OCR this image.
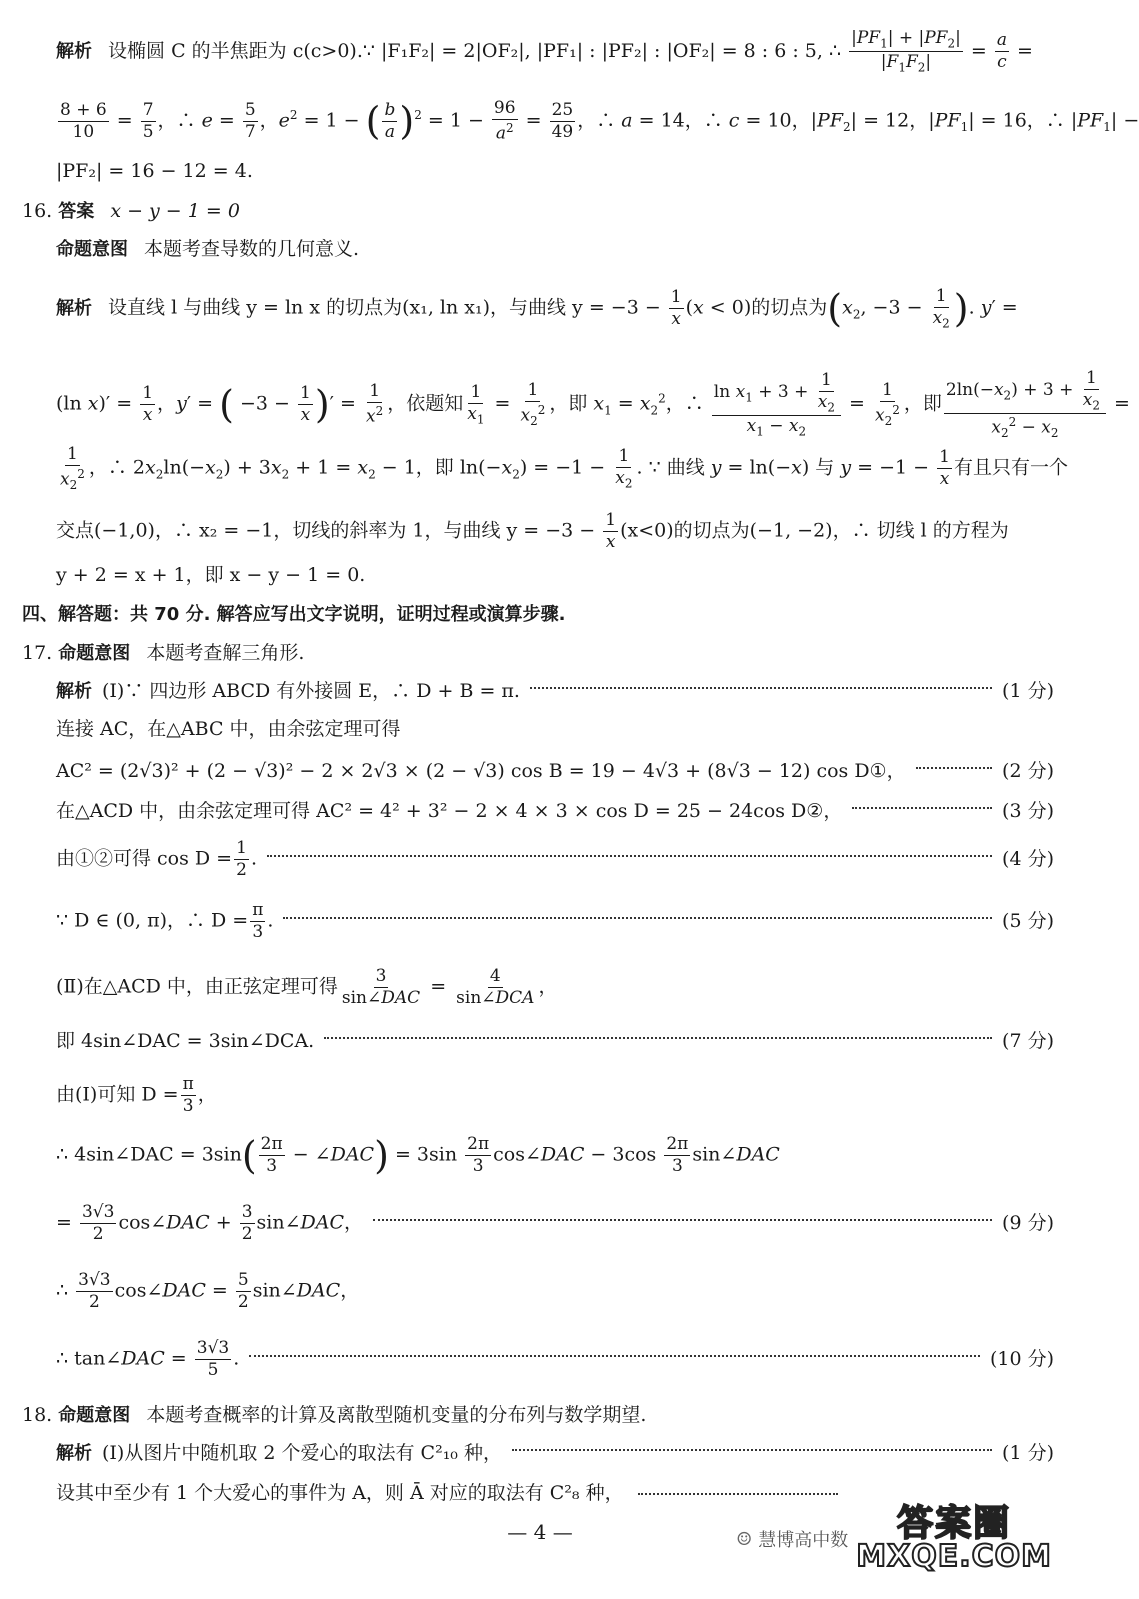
解析 设椭圆 C 的半焦距为 c(c>0).∵ |F₁F₂| = 2|OF₂|, |PF₁| : |PF₂| : |OF₂| = 8 : 6 : 5, ∴ $\frac{|PF_1| + |PF_2|}{|F_1F_2|} = \frac{a}{c}$ =
$\frac{8 + 6}{10} = \frac{7}{5}$ ，∴ $e = \frac{5}{7}$ ，$e^2 = 1$ − ( $\frac{b}{a} )^2 = 1 - \frac{96}{a^2} = \frac{25}{49}$ ，∴ a = 14，∴ c = 10，$|PF_2| = 12$，$|PF_1| = 16$，∴ $|PF_1|$ −
|PF₂| = 16 − 12 = 4.
16. 答案 x − y − 1 = 0
命题意图 本题考查导数的几何意义.
解析 设直线 l 与曲线 y = ln x 的切点为(x₁, ln x₁)，与曲线 $y = -3 - \frac{1}{x} (x < 0)$的切点为($x_2$, $-3 - \frac{1}{x_2}$ ). y′ =
(ln $x)' = \frac{1}{x}$ ，y′ = ( $-3 - \frac{1}{x}$ )′ = $\frac{1}{x^2}$ ，依题知 $\frac{1}{x_1} = \frac{1}{x_2^2}$ ，即 $x_1 = x_2^2$，∴ $\frac{\ln x_1 + 3 + \frac{1}{x_2}}{x_1 - x_2} = \frac{1}{x_2^2}$ ，即 $\frac{2\ln(-x_2) + 3 + \frac{1}{x_2}}{x_2^2 - x_2}$ =
$\frac{1}{x_2^2}$ ，∴ $2x_2\ln(-x_2) + 3x_2 + 1 = x_2 - 1$，即 $\ln(-x_2) = -1 - \frac{1}{x_2}$ . ∵ 曲线 y = ln(−x) 与 $y = -1 - \frac{1}{x}$ 有且只有一个
交点(−1,0)，∴ x₂ = −1，切线的斜率为 1，与曲线 $y = -3 - \frac{1}{x} (x<0)$的切点为(−1, −2)，∴ 切线 l 的方程为
y + 2 = x + 1，即 x − y − 1 = 0.
四、解答题：共 70 分. 解答应写出文字说明，证明过程或演算步骤.
17. 命题意图 本题考查解三角形.
解析 (Ⅰ)∵ 四边形 ABCD 有外接圆 E，∴ D + B = π.	(1 分)
连接 AC，在△ABC 中，由余弦定理可得
AC² = (2√3)² + (2 − √3)² − 2 × 2√3 × (2 − √3) cos B = 19 − 4√3 + (8√3 − 12) cos D①，	(2 分)
在△ACD 中，由余弦定理可得 AC² = 4² + 3² − 2 × 4 × 3 × cos D = 25 − 24cos D②，	(3 分)
由①②可得 $\cos D = \frac{1}{2}$ .	(4 分)
∵ D ∈ (0, π)，∴ $D = \frac{\pi}{3}$ .	(5 分)
(Ⅱ)在△ACD 中，由正弦定理可得 3
sin∠DAC
= 4
sin∠DCA
，
即 4sin∠DAC = 3sin∠DCA.	(7 分)
由(Ⅰ)可知 $D = \frac{\pi}{3}$ ，
∴ 4sin∠DAC = $3\sin( \frac{2\pi}{3}$ − ∠DAC) = $3\sin \frac{2\pi}{3}$ cos∠DAC − $3\cos \frac{2\pi}{3}$ sin∠DAC
= $\frac{3√3}{2}$ cos∠DAC + $\frac{3}{2}$ sin∠DAC，	(9 分)
∴ $\frac{3√3}{2}$ cos∠DAC = $\frac{5}{2}$ sin∠DAC，
∴ tan∠DAC = $\frac{3√3}{5}$ .	(10 分)
18. 命题意图 本题考查概率的计算及离散型随机变量的分布列与数学期望.
解析 (Ⅰ)从图片中随机取 2 个爱心的取法有 C²₁₀ 种，	(1 分)
设其中至少有 1 个大爱心的事件为 A，则 Ā 对应的取法有 C²₈ 种，
— 4 —	☺ 慧博高中数 答案圈
MXQE.COM
